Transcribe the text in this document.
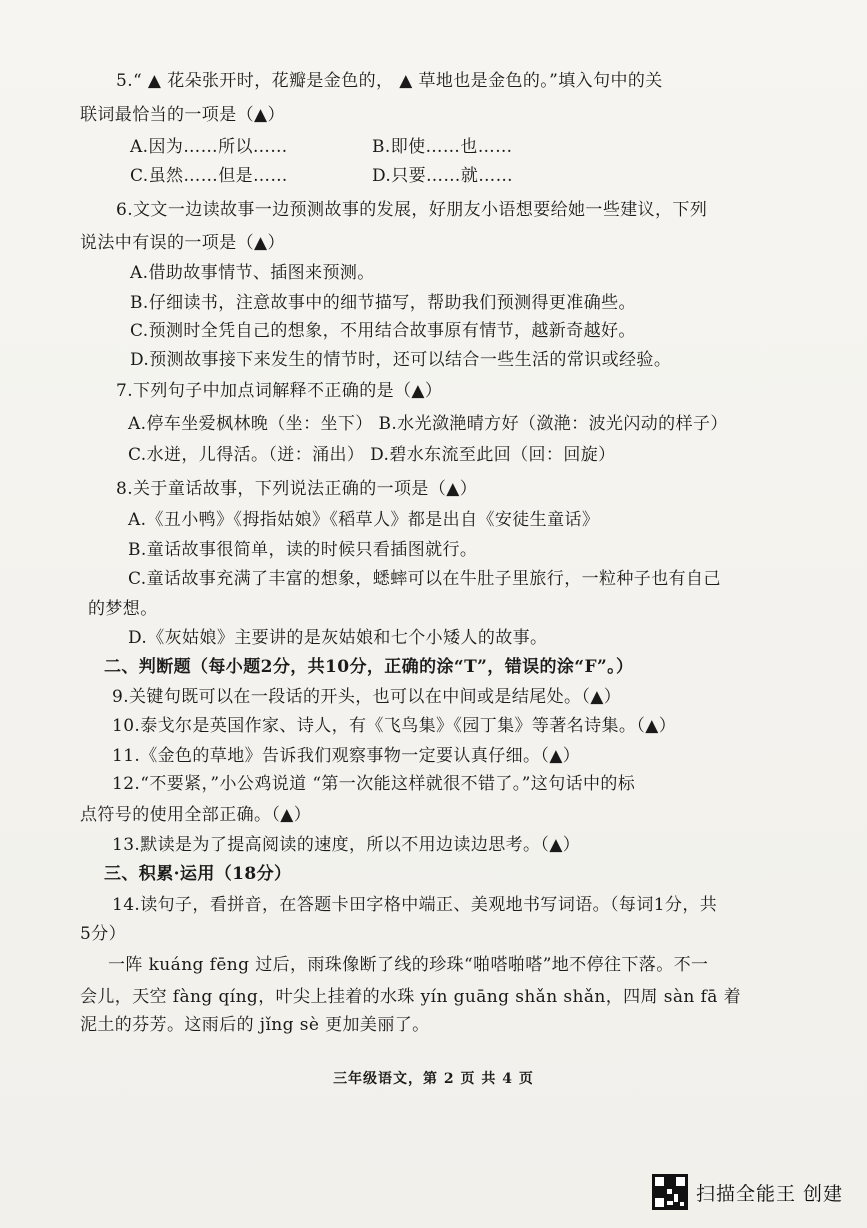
5.“ ▲ 花朵张开时，花瓣是金色的， ▲ 草地也是金色的。”填入句中的关
联词最恰当的一项是（▲）
A.因为……所以……	B.即使……也……
C.虽然……但是……	D.只要……就……
6.文文一边读故事一边预测故事的发展，好朋友小语想要给她一些建议，下列
说法中有误的一项是（▲）
A.借助故事情节、插图来预测。
B.仔细读书，注意故事中的细节描写，帮助我们预测得更准确些。
C.预测时全凭自己的想象，不用结合故事原有情节，越新奇越好。
D.预测故事接下来发生的情节时，还可以结合一些生活的常识或经验。
7.下列句子中加点词解释不正确的是（▲）
A.停车坐爱枫林晚（坐：坐下） B.水光潋滟晴方好（潋滟：波光闪动的样子）
C.水迸，儿得活。（迸：涌出） D.碧水东流至此回（回：回旋）
8.关于童话故事，下列说法正确的一项是（▲）
A.《丑小鸭》《拇指姑娘》《稻草人》都是出自《安徒生童话》
B.童话故事很简单，读的时候只看插图就行。
C.童话故事充满了丰富的想象，蟋蟀可以在牛肚子里旅行，一粒种子也有自己
的梦想。
D.《灰姑娘》主要讲的是灰姑娘和七个小矮人的故事。
二、判断题（每小题2分，共10分，正确的涂“T”，错误的涂“F”。）
9.关键句既可以在一段话的开头，也可以在中间或是结尾处。（▲）
10.泰戈尔是英国作家、诗人，有《飞鸟集》《园丁集》等著名诗集。（▲）
11.《金色的草地》告诉我们观察事物一定要认真仔细。（▲）
12.“不要紧，”小公鸡说道 “第一次能这样就很不错了。”这句话中的标
点符号的使用全部正确。（▲）
13.默读是为了提高阅读的速度，所以不用边读边思考。（▲）
三、积累·运用（18分）
14.读句子，看拼音，在答题卡田字格中端正、美观地书写词语。（每词1分，共
5分）
一阵 kuáng fēng 过后，雨珠像断了线的珍珠“啪嗒啪嗒”地不停往下落。不一
会儿，天空 fàng qíng，叶尖上挂着的水珠 yín guāng shǎn shǎn，四周 sàn fā 着
泥土的芬芳。这雨后的 jǐng sè 更加美丽了。
三年级语文，第 2 页 共 4 页
扫描全能王 创建
